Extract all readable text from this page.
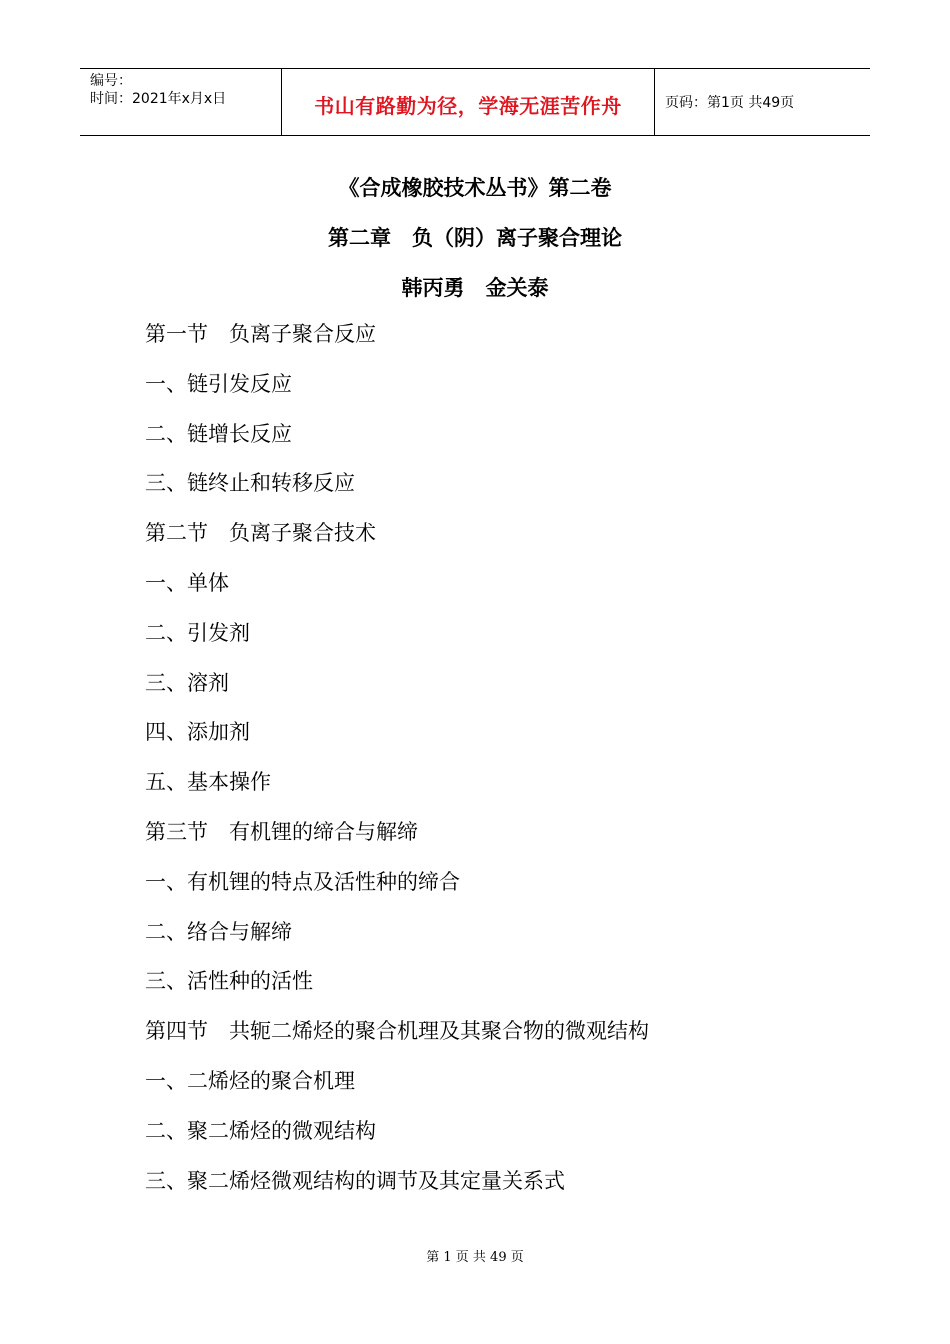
编号：
时间：2021年x月x日	书山有路勤为径，学海无涯苦作舟	页码：第1页 共49页
《合成橡胶技术丛书》第二卷
第二章　负（阴）离子聚合理论
韩丙勇　金关泰
第一节　负离子聚合反应
一、链引发反应
二、链增长反应
三、链终止和转移反应
第二节　负离子聚合技术
一、单体
二、引发剂
三、溶剂
四、添加剂
五、基本操作
第三节　有机锂的缔合与解缔
一、有机锂的特点及活性种的缔合
二、络合与解缔
三、活性种的活性
第四节　共轭二烯烃的聚合机理及其聚合物的微观结构
一、二烯烃的聚合机理
二、聚二烯烃的微观结构
三、聚二烯烃微观结构的调节及其定量关系式
第 1 页 共 49 页
